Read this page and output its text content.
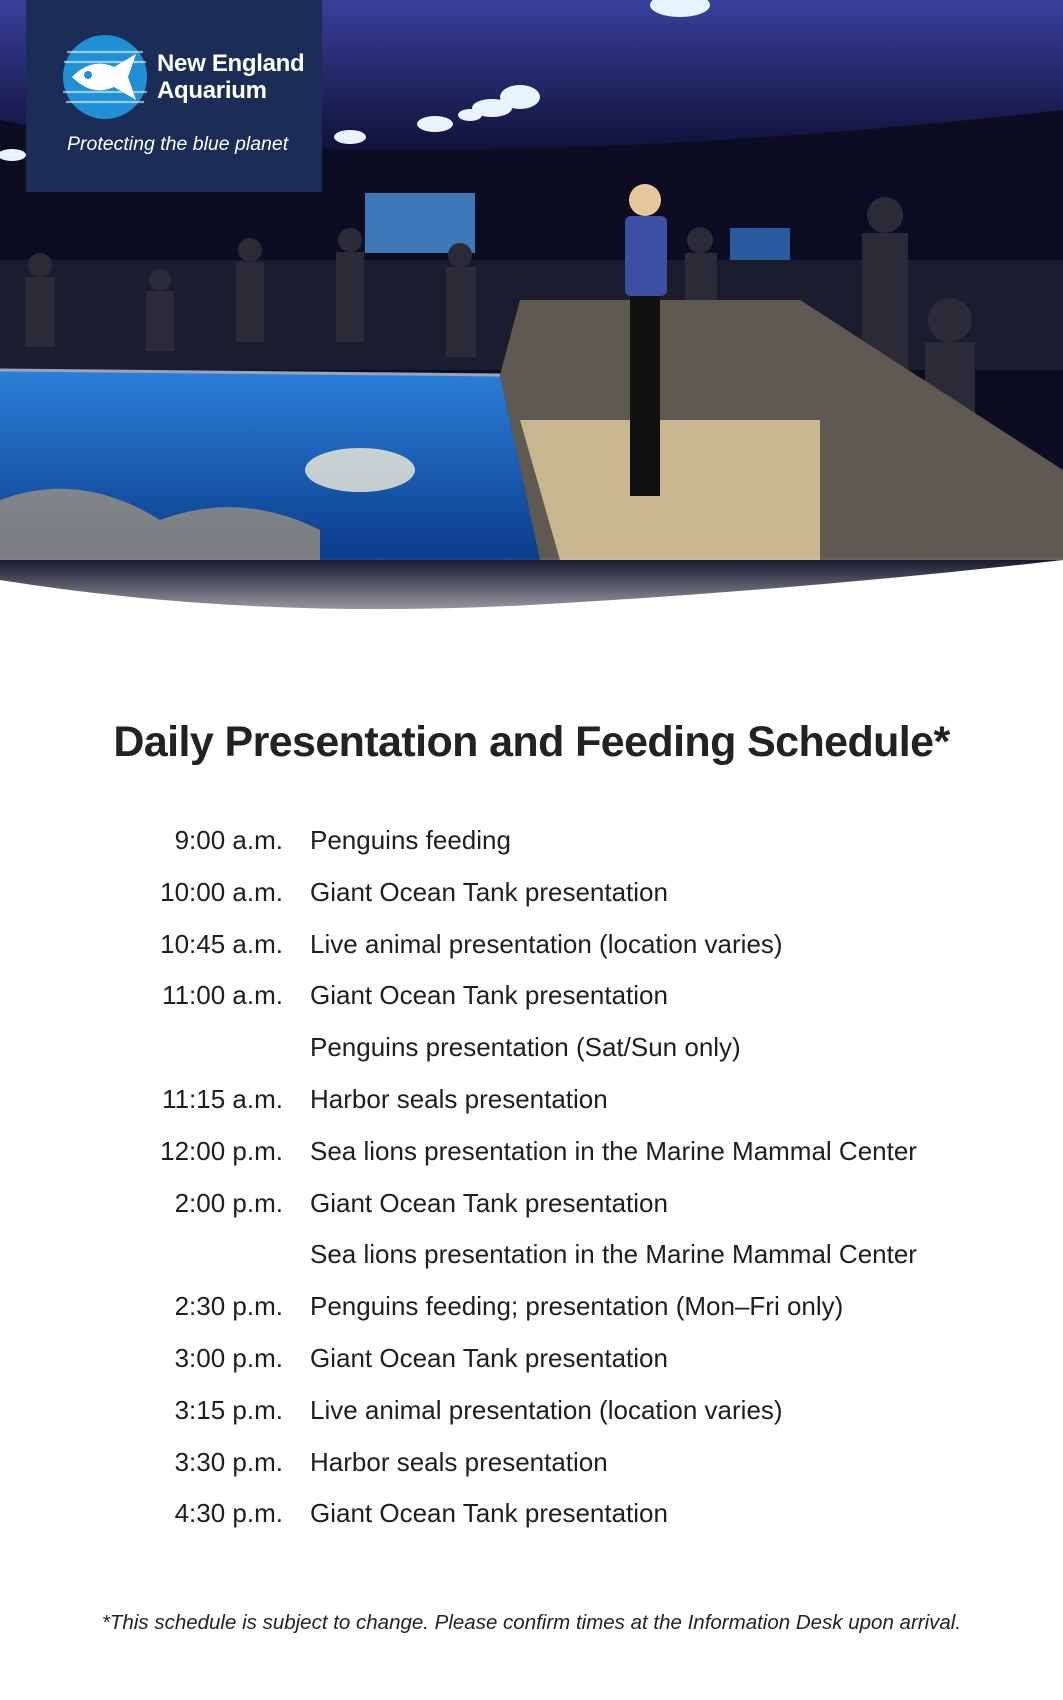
New England
Aquarium
Protecting the blue planet
Daily Presentation and Feeding Schedule*
9:00 a.m. Penguins feeding
10:00 a.m. Giant Ocean Tank presentation
10:45 a.m. Live animal presentation (location varies)
11:00 a.m. Giant Ocean Tank presentation
Penguins presentation (Sat/Sun only)
11:15 a.m. Harbor seals presentation
12:00 p.m. Sea lions presentation in the Marine Mammal Center
2:00 p.m. Giant Ocean Tank presentation
Sea lions presentation in the Marine Mammal Center
2:30 p.m. Penguins feeding; presentation (Mon–Fri only)
3:00 p.m. Giant Ocean Tank presentation
3:15 p.m. Live animal presentation (location varies)
3:30 p.m. Harbor seals presentation
4:30 p.m. Giant Ocean Tank presentation
*This schedule is subject to change. Please confirm times at the Information Desk upon arrival.
